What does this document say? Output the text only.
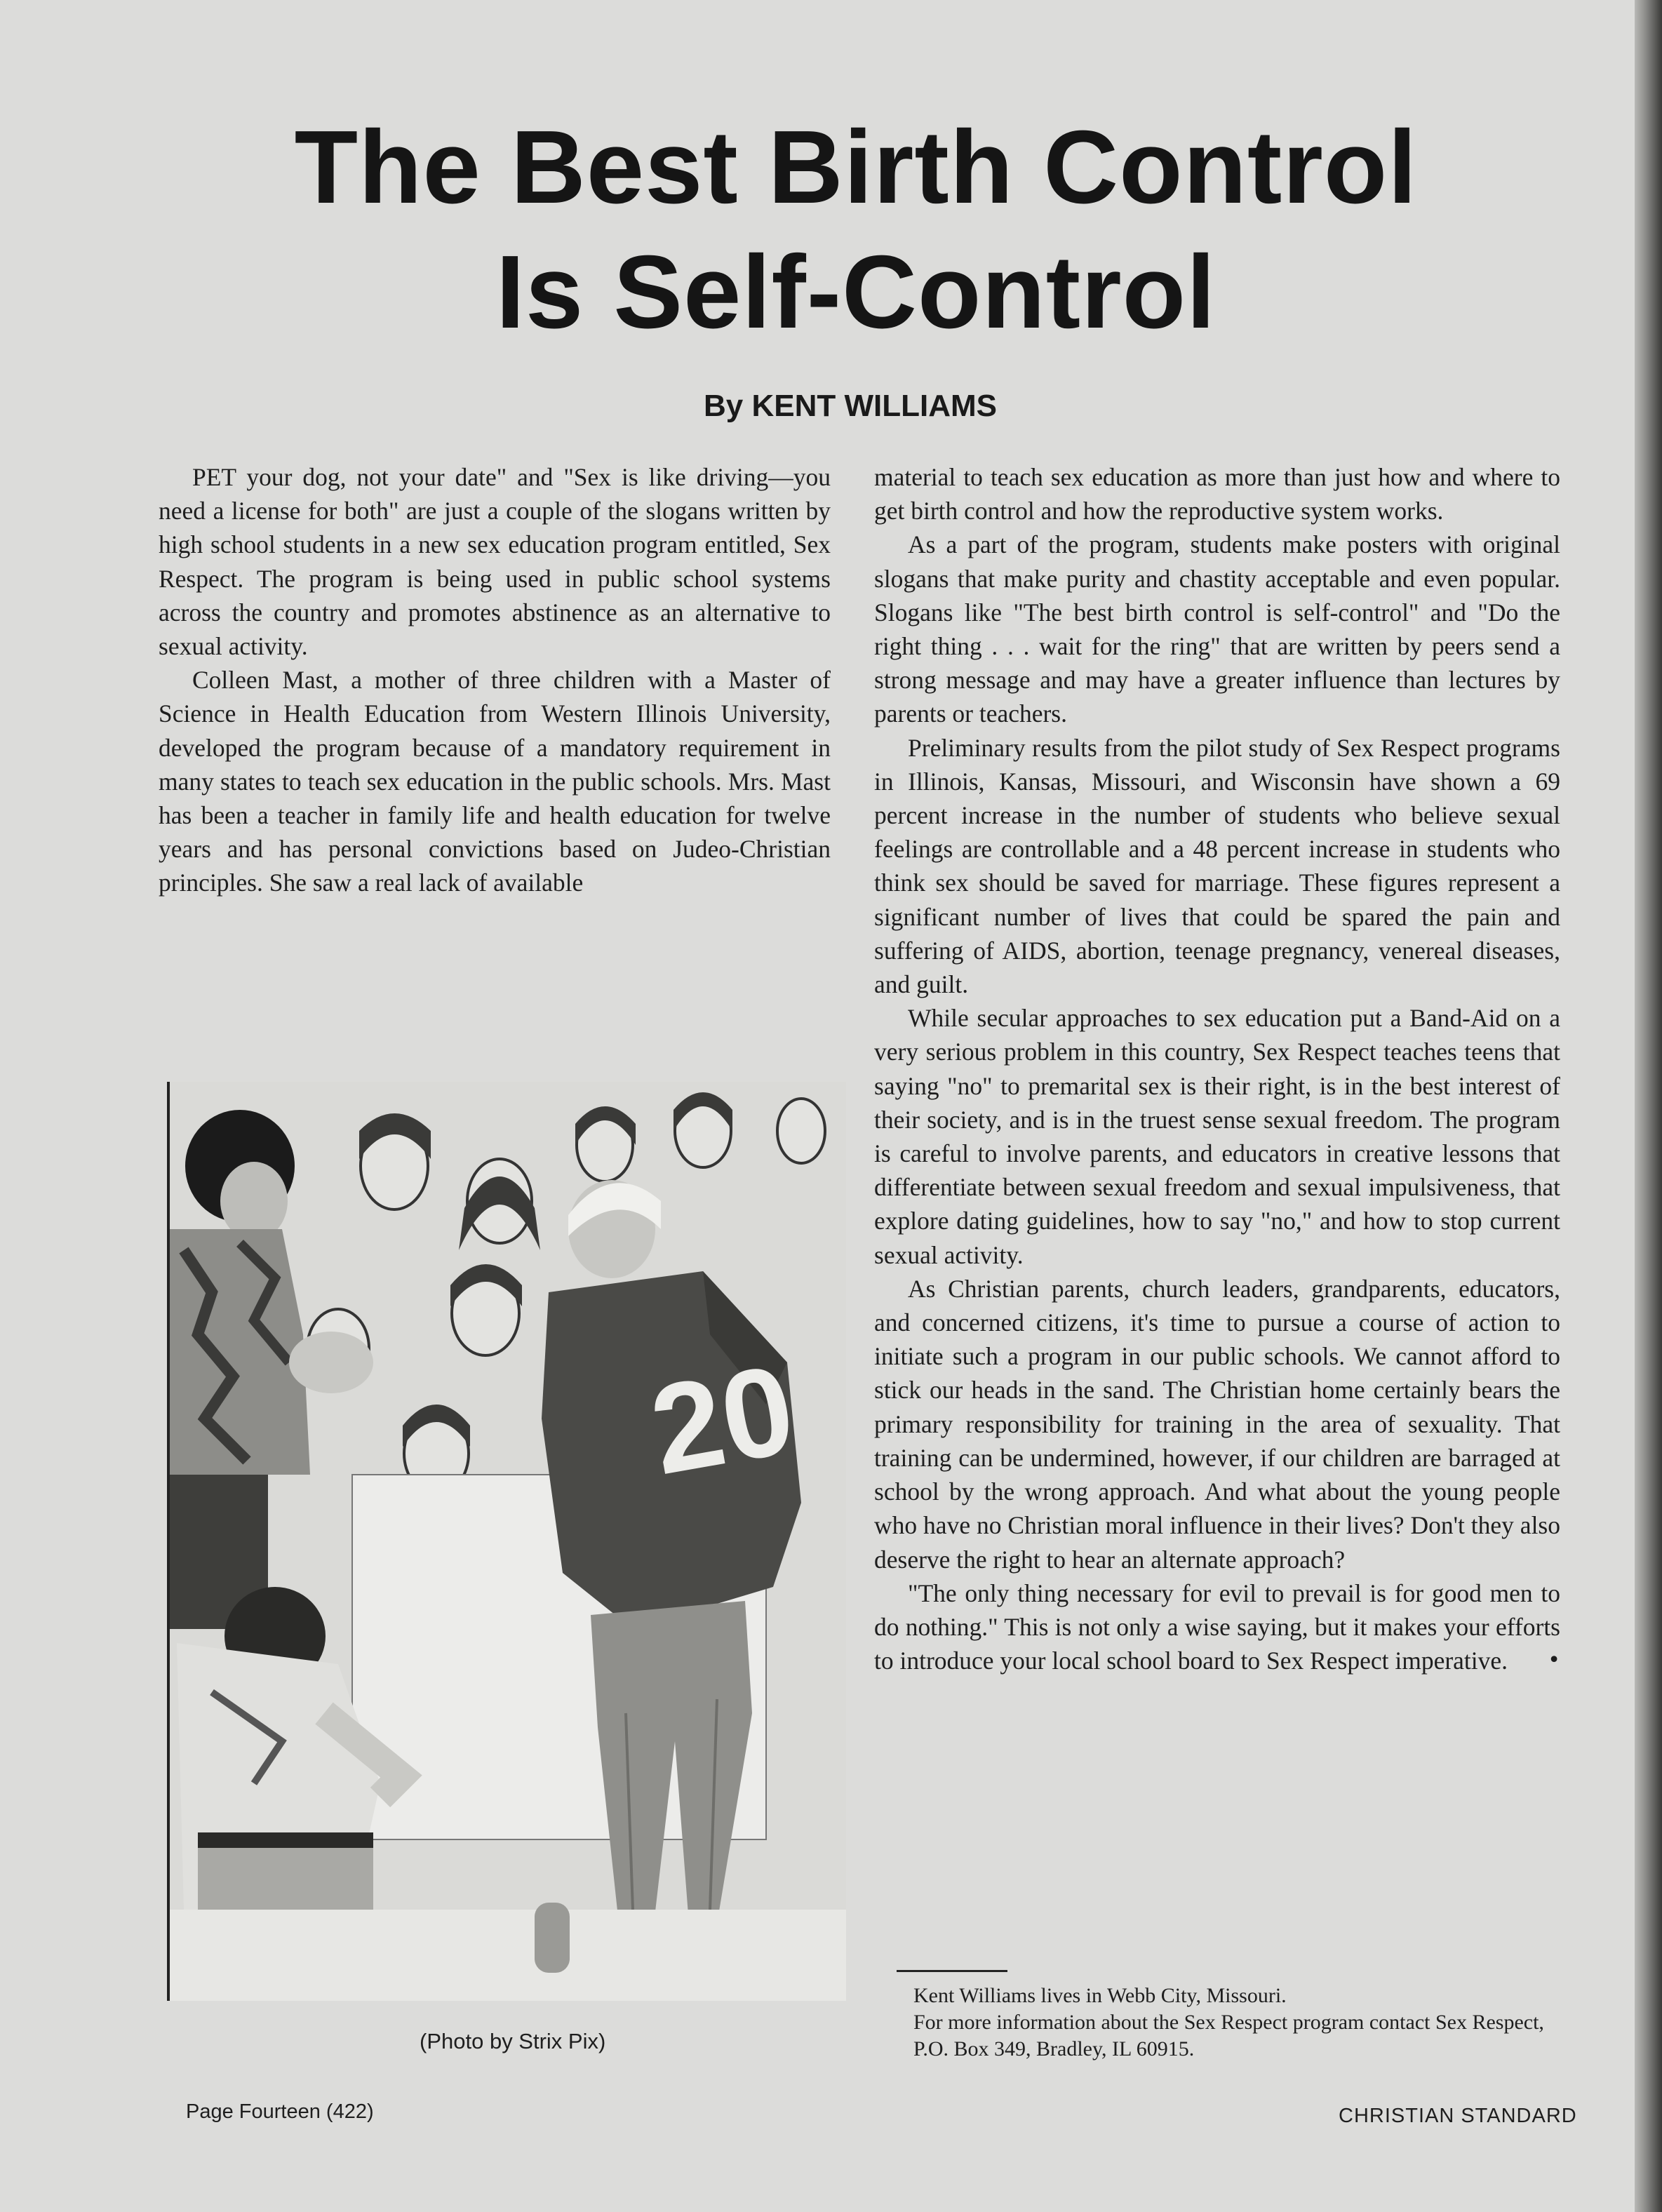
The Best Birth Control
Is Self-Control
By KENT WILLIAMS

PET your dog, not your date" and "Sex is like driving—you need a license for both" are just a couple of the slogans written by high school students in a new sex education program entitled, Sex Respect. The program is being used in public school systems across the country and promotes abstinence as an alternative to sexual activity.

Colleen Mast, a mother of three children with a Master of Science in Health Education from Western Illinois University, developed the program because of a mandatory requirement in many states to teach sex education in the public schools. Mrs. Mast has been a teacher in family life and health education for twelve years and has personal convictions based on Judeo-Christian principles. She saw a real lack of available

material to teach sex education as more than just how and where to get birth control and how the reproductive system works.

As a part of the program, students make posters with original slogans that make purity and chastity acceptable and even popular. Slogans like "The best birth control is self-control" and "Do the right thing . . . wait for the ring" that are written by peers send a strong message and may have a greater influence than lectures by parents or teachers.

Preliminary results from the pilot study of Sex Respect programs in Illinois, Kansas, Missouri, and Wisconsin have shown a 69 percent increase in the number of students who believe sexual feelings are controllable and a 48 percent increase in students who think sex should be saved for marriage. These figures represent a significant number of lives that could be spared the pain and suffering of AIDS, abortion, teenage pregnancy, venereal diseases, and guilt.

While secular approaches to sex education put a Band-Aid on a very serious problem in this country, Sex Respect teaches teens that saying "no" to premarital sex is their right, is in the best interest of their society, and is in the truest sense sexual freedom. The program is careful to involve parents, and educators in creative lessons that differentiate between sexual freedom and sexual impulsiveness, that explore dating guidelines, how to say "no," and how to stop current sexual activity.

As Christian parents, church leaders, grandparents, educators, and concerned citizens, it's time to pursue a course of action to initiate such a program in our public schools. We cannot afford to stick our heads in the sand. The Christian home certainly bears the primary responsibility for training in the area of sexuality. That training can be undermined, however, if our children are barraged at school by the wrong approach. And what about the young people who have no Christian moral influence in their lives? Don't they also deserve the right to hear an alternate approach?

"The only thing necessary for evil to prevail is for good men to do nothing." This is not only a wise saying, but it makes your efforts to introduce your local school board to Sex Respect imperative.	•

Kent Williams lives in Webb City, Missouri.

For more information about the Sex Respect program contact Sex Respect, P.O. Box 349, Bradley, IL 60915.

20
(Photo by Strix Pix)
Page Fourteen (422)	CHRISTIAN STANDARD
